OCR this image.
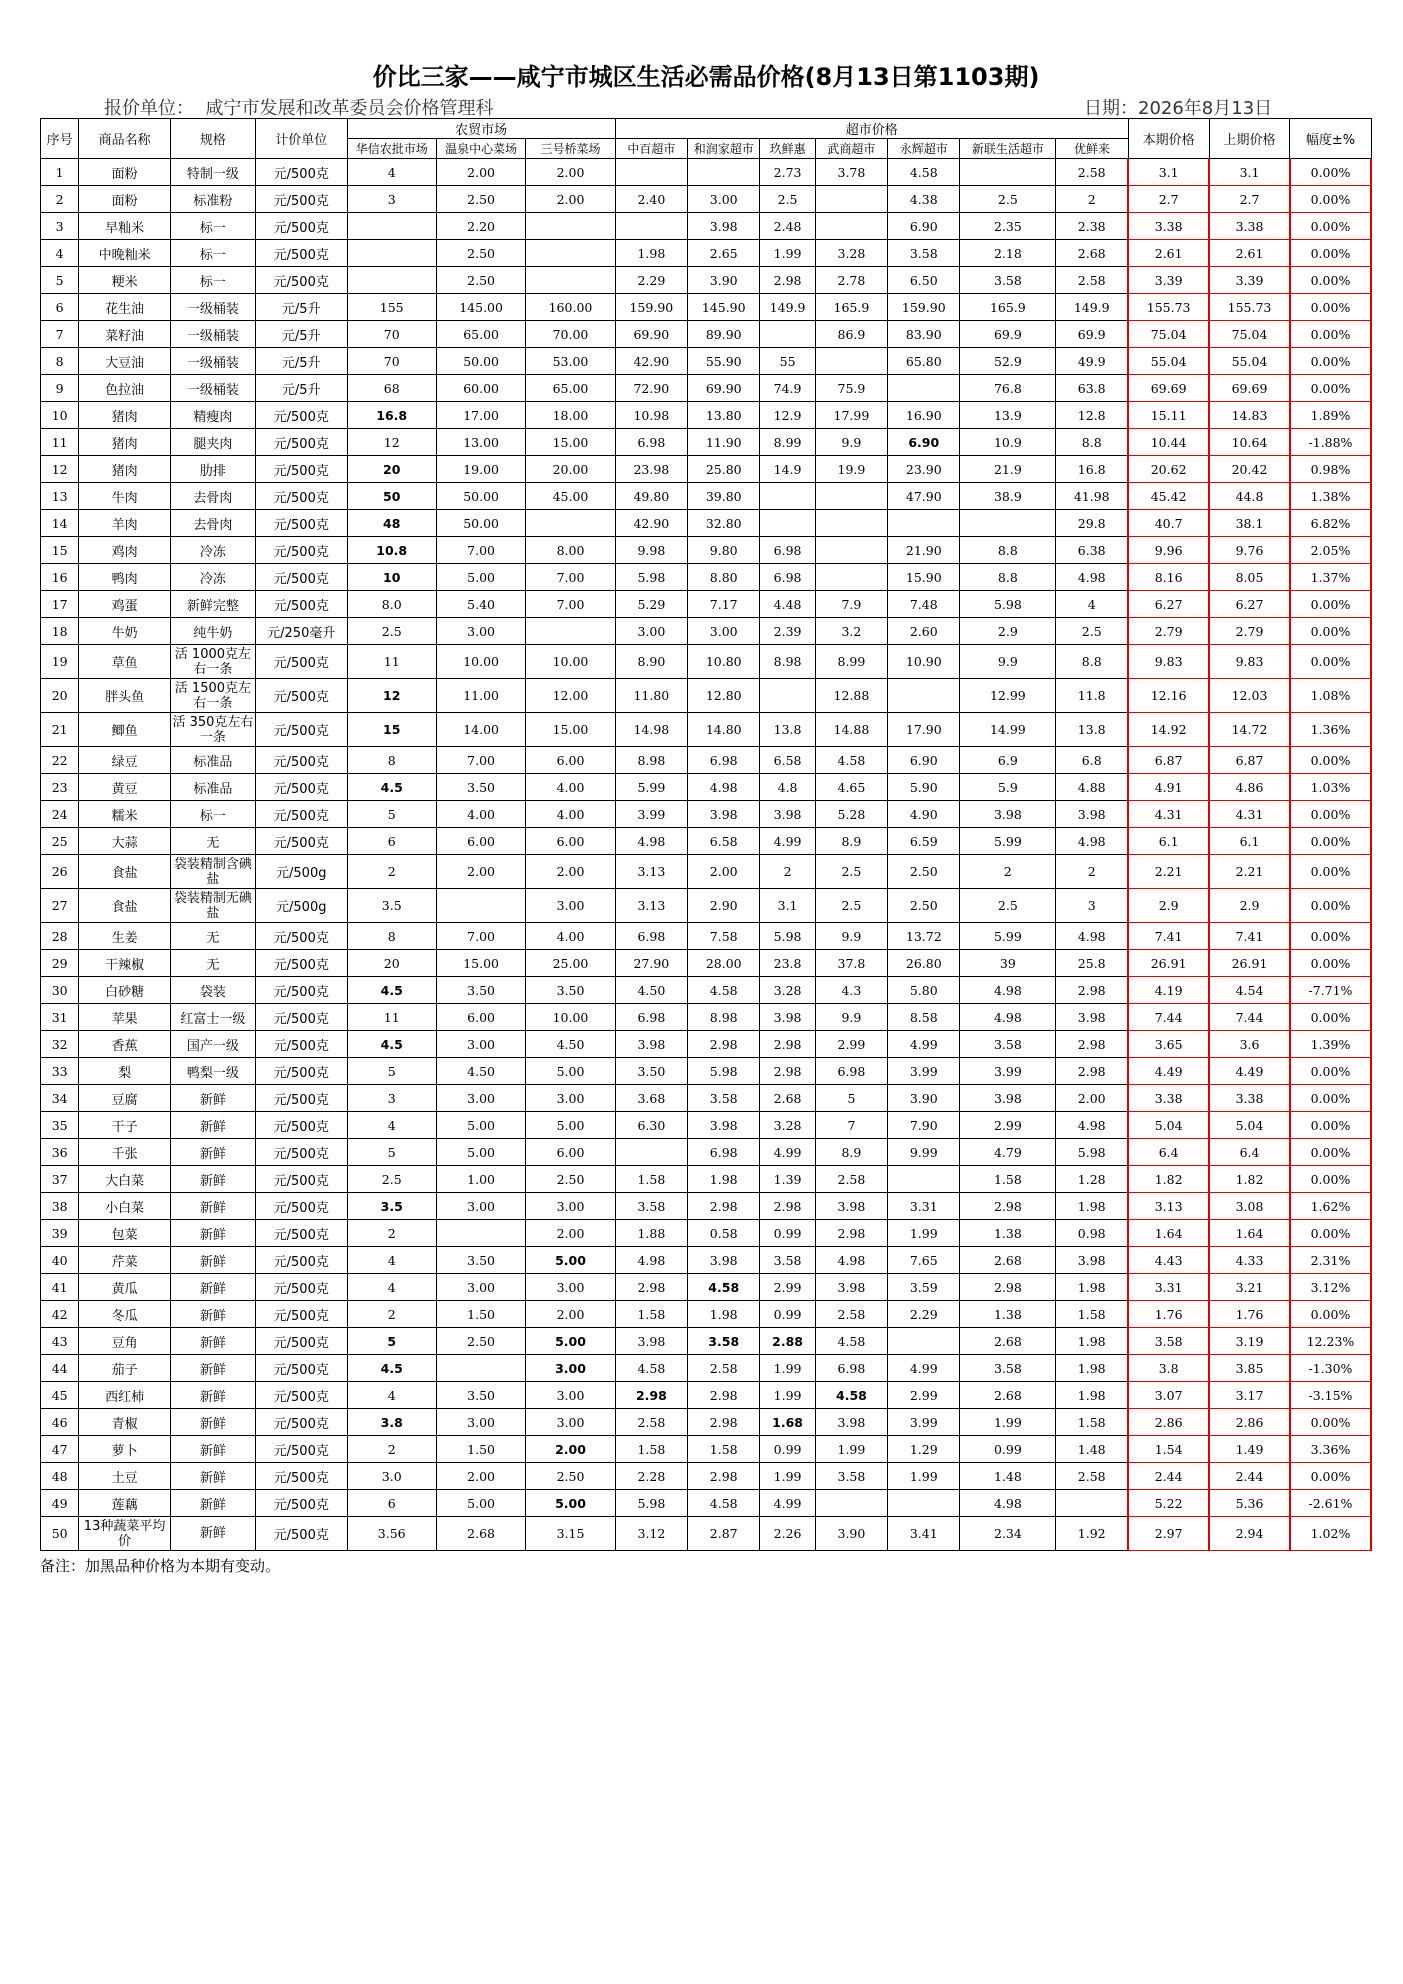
价比三家——咸宁市城区生活必需品价格(8月13日第1103期)
报价单位： 咸宁市发展和改革委员会价格管理科	日期：2026年8月13日
序号	商品名称	规格	计价单位	农贸市场			超市价格							本期价格	上期价格	幅度±%
				华信农批市场	温泉中心菜场	三号桥菜场	中百超市	和润家超市	玖鲜惠	武商超市	永辉超市	新联生活超市	优鲜来			
1	面粉	特制一级	元/500克	4	2.00	2.00			2.73	3.78	4.58		2.58	3.1	3.1	0.00%
2	面粉	标准粉	元/500克	3	2.50	2.00	2.40	3.00	2.5		4.38	2.5	2	2.7	2.7	0.00%
3	早籼米	标一	元/500克		2.20			3.98	2.48		6.90	2.35	2.38	3.38	3.38	0.00%
4	中晚籼米	标一	元/500克		2.50		1.98	2.65	1.99	3.28	3.58	2.18	2.68	2.61	2.61	0.00%
5	粳米	标一	元/500克		2.50		2.29	3.90	2.98	2.78	6.50	3.58	2.58	3.39	3.39	0.00%
6	花生油	一级桶装	元/5升	155	145.00	160.00	159.90	145.90	149.9	165.9	159.90	165.9	149.9	155.73	155.73	0.00%
7	菜籽油	一级桶装	元/5升	70	65.00	70.00	69.90	89.90		86.9	83.90	69.9	69.9	75.04	75.04	0.00%
8	大豆油	一级桶装	元/5升	70	50.00	53.00	42.90	55.90	55		65.80	52.9	49.9	55.04	55.04	0.00%
9	色拉油	一级桶装	元/5升	68	60.00	65.00	72.90	69.90	74.9	75.9		76.8	63.8	69.69	69.69	0.00%
10	猪肉	精瘦肉	元/500克	16.8	17.00	18.00	10.98	13.80	12.9	17.99	16.90	13.9	12.8	15.11	14.83	1.89%
11	猪肉	腿夹肉	元/500克	12	13.00	15.00	6.98	11.90	8.99	9.9	6.90	10.9	8.8	10.44	10.64	-1.88%
12	猪肉	肋排	元/500克	20	19.00	20.00	23.98	25.80	14.9	19.9	23.90	21.9	16.8	20.62	20.42	0.98%
13	牛肉	去骨肉	元/500克	50	50.00	45.00	49.80	39.80			47.90	38.9	41.98	45.42	44.8	1.38%
14	羊肉	去骨肉	元/500克	48	50.00		42.90	32.80					29.8	40.7	38.1	6.82%
15	鸡肉	冷冻	元/500克	10.8	7.00	8.00	9.98	9.80	6.98		21.90	8.8	6.38	9.96	9.76	2.05%
16	鸭肉	冷冻	元/500克	10	5.00	7.00	5.98	8.80	6.98		15.90	8.8	4.98	8.16	8.05	1.37%
17	鸡蛋	新鲜完整	元/500克	8.0	5.40	7.00	5.29	7.17	4.48	7.9	7.48	5.98	4	6.27	6.27	0.00%
18	牛奶	纯牛奶	元/250毫升	2.5	3.00		3.00	3.00	2.39	3.2	2.60	2.9	2.5	2.79	2.79	0.00%
19	草鱼	活 1000克左右一条	元/500克	11	10.00	10.00	8.90	10.80	8.98	8.99	10.90	9.9	8.8	9.83	9.83	0.00%
20	胖头鱼	活 1500克左右一条	元/500克	12	11.00	12.00	11.80	12.80		12.88		12.99	11.8	12.16	12.03	1.08%
21	鲫鱼	活 350克左右一条	元/500克	15	14.00	15.00	14.98	14.80	13.8	14.88	17.90	14.99	13.8	14.92	14.72	1.36%
22	绿豆	标准品	元/500克	8	7.00	6.00	8.98	6.98	6.58	4.58	6.90	6.9	6.8	6.87	6.87	0.00%
23	黄豆	标准品	元/500克	4.5	3.50	4.00	5.99	4.98	4.8	4.65	5.90	5.9	4.88	4.91	4.86	1.03%
24	糯米	标一	元/500克	5	4.00	4.00	3.99	3.98	3.98	5.28	4.90	3.98	3.98	4.31	4.31	0.00%
25	大蒜	无	元/500克	6	6.00	6.00	4.98	6.58	4.99	8.9	6.59	5.99	4.98	6.1	6.1	0.00%
26	食盐	袋装精制含碘盐	元/500g	2	2.00	2.00	3.13	2.00	2	2.5	2.50	2	2	2.21	2.21	0.00%
27	食盐	袋装精制无碘盐	元/500g	3.5		3.00	3.13	2.90	3.1	2.5	2.50	2.5	3	2.9	2.9	0.00%
28	生姜	无	元/500克	8	7.00	4.00	6.98	7.58	5.98	9.9	13.72	5.99	4.98	7.41	7.41	0.00%
29	干辣椒	无	元/500克	20	15.00	25.00	27.90	28.00	23.8	37.8	26.80	39	25.8	26.91	26.91	0.00%
30	白砂糖	袋装	元/500克	4.5	3.50	3.50	4.50	4.58	3.28	4.3	5.80	4.98	2.98	4.19	4.54	-7.71%
31	苹果	红富士一级	元/500克	11	6.00	10.00	6.98	8.98	3.98	9.9	8.58	4.98	3.98	7.44	7.44	0.00%
32	香蕉	国产一级	元/500克	4.5	3.00	4.50	3.98	2.98	2.98	2.99	4.99	3.58	2.98	3.65	3.6	1.39%
33	梨	鸭梨一级	元/500克	5	4.50	5.00	3.50	5.98	2.98	6.98	3.99	3.99	2.98	4.49	4.49	0.00%
34	豆腐	新鲜	元/500克	3	3.00	3.00	3.68	3.58	2.68	5	3.90	3.98	2.00	3.38	3.38	0.00%
35	干子	新鲜	元/500克	4	5.00	5.00	6.30	3.98	3.28	7	7.90	2.99	4.98	5.04	5.04	0.00%
36	千张	新鲜	元/500克	5	5.00	6.00		6.98	4.99	8.9	9.99	4.79	5.98	6.4	6.4	0.00%
37	大白菜	新鲜	元/500克	2.5	1.00	2.50	1.58	1.98	1.39	2.58		1.58	1.28	1.82	1.82	0.00%
38	小白菜	新鲜	元/500克	3.5	3.00	3.00	3.58	2.98	2.98	3.98	3.31	2.98	1.98	3.13	3.08	1.62%
39	包菜	新鲜	元/500克	2		2.00	1.88	0.58	0.99	2.98	1.99	1.38	0.98	1.64	1.64	0.00%
40	芹菜	新鲜	元/500克	4	3.50	5.00	4.98	3.98	3.58	4.98	7.65	2.68	3.98	4.43	4.33	2.31%
41	黄瓜	新鲜	元/500克	4	3.00	3.00	2.98	4.58	2.99	3.98	3.59	2.98	1.98	3.31	3.21	3.12%
42	冬瓜	新鲜	元/500克	2	1.50	2.00	1.58	1.98	0.99	2.58	2.29	1.38	1.58	1.76	1.76	0.00%
43	豆角	新鲜	元/500克	5	2.50	5.00	3.98	3.58	2.88	4.58		2.68	1.98	3.58	3.19	12.23%
44	茄子	新鲜	元/500克	4.5		3.00	4.58	2.58	1.99	6.98	4.99	3.58	1.98	3.8	3.85	-1.30%
45	西红柿	新鲜	元/500克	4	3.50	3.00	2.98	2.98	1.99	4.58	2.99	2.68	1.98	3.07	3.17	-3.15%
46	青椒	新鲜	元/500克	3.8	3.00	3.00	2.58	2.98	1.68	3.98	3.99	1.99	1.58	2.86	2.86	0.00%
47	萝卜	新鲜	元/500克	2	1.50	2.00	1.58	1.58	0.99	1.99	1.29	0.99	1.48	1.54	1.49	3.36%
48	土豆	新鲜	元/500克	3.0	2.00	2.50	2.28	2.98	1.99	3.58	1.99	1.48	2.58	2.44	2.44	0.00%
49	莲藕	新鲜	元/500克	6	5.00	5.00	5.98	4.58	4.99			4.98		5.22	5.36	-2.61%
50	13种蔬菜平均价	新鲜	元/500克	3.56	2.68	3.15	3.12	2.87	2.26	3.90	3.41	2.34	1.92	2.97	2.94	1.02%
备注：加黑品种价格为本期有变动。
